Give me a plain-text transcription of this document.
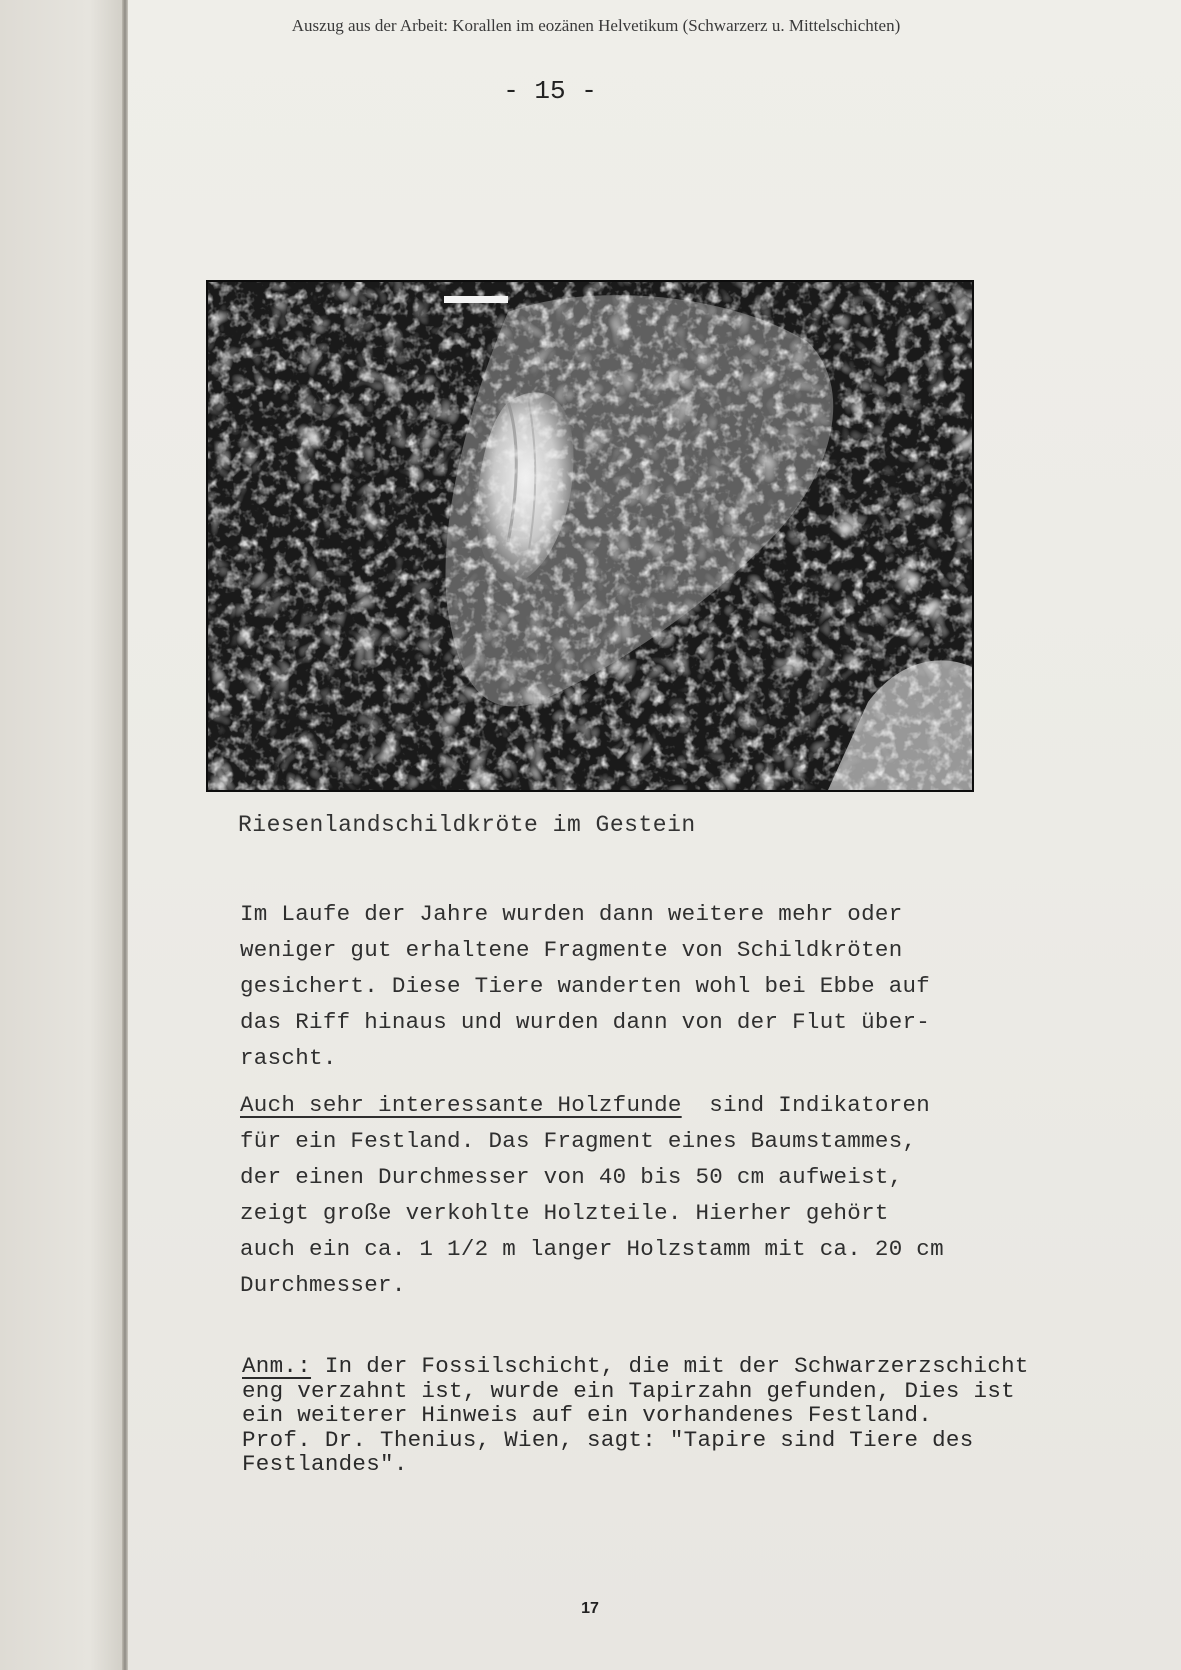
Auszug aus der Arbeit: Korallen im eozänen Helvetikum (Schwarzerz u. Mittelschichten)
- 15 -
Riesenlandschildkröte im Gestein

Im Laufe der Jahre wurden dann weitere mehr oder

weniger gut erhaltene Fragmente von Schildkröten

gesichert. Diese Tiere wanderten wohl bei Ebbe auf

das Riff hinaus und wurden dann von der Flut über-

rascht.

Auch sehr interessante Holzfunde  sind Indikatoren

für ein Festland. Das Fragment eines Baumstammes,

der einen Durchmesser von 40 bis 50 cm aufweist,

zeigt große verkohlte Holzteile. Hierher gehört

auch ein ca. 1 1/2 m langer Holzstamm mit ca. 20 cm

Durchmesser.

Anm.: In der Fossilschicht, die mit der Schwarzerzschicht

eng verzahnt ist, wurde ein Tapirzahn gefunden, Dies ist

ein weiterer Hinweis auf ein vorhandenes Festland.

Prof. Dr. Thenius, Wien, sagt: "Tapire sind Tiere des

Festlandes".

17
